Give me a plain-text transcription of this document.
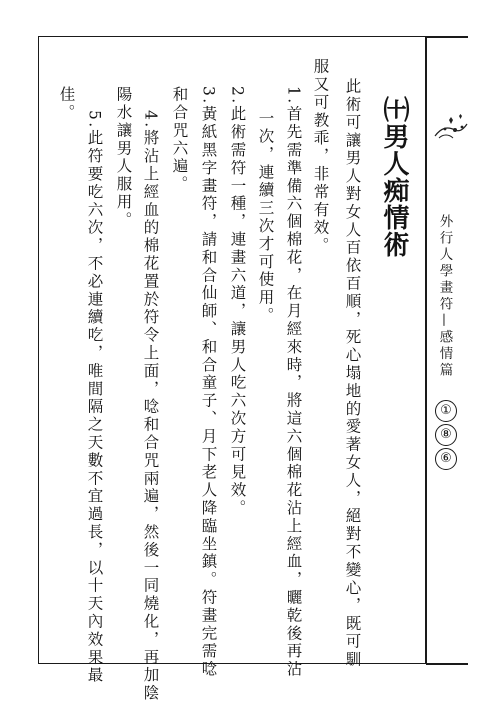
㈩男人痴情術
此術可讓男人對女人百依百順，死心塌地的愛著女人，絕對不變心，既可馴
服又可教乖，非常有效。
1.首先需準備六個棉花，在月經來時，將這六個棉花沾上經血，曬乾後再沾
一次，連續三次才可使用。
2.此術需符一種，連畫六道，讓男人吃六次方可見效。
3.黃紙黑字畫符，請和合仙師、和合童子、月下老人降臨坐鎮。符畫完需唸
和合咒六遍。
4.將沾上經血的棉花置於符令上面，唸和合咒兩遍，然後一同燒化，再加陰
陽水讓男人服用。
5.此符要吃六次，不必連續吃，唯間隔之天數不宜過長，以十天內效果最
佳。
外行人學畫符—感情篇
①
⑧
⑥
